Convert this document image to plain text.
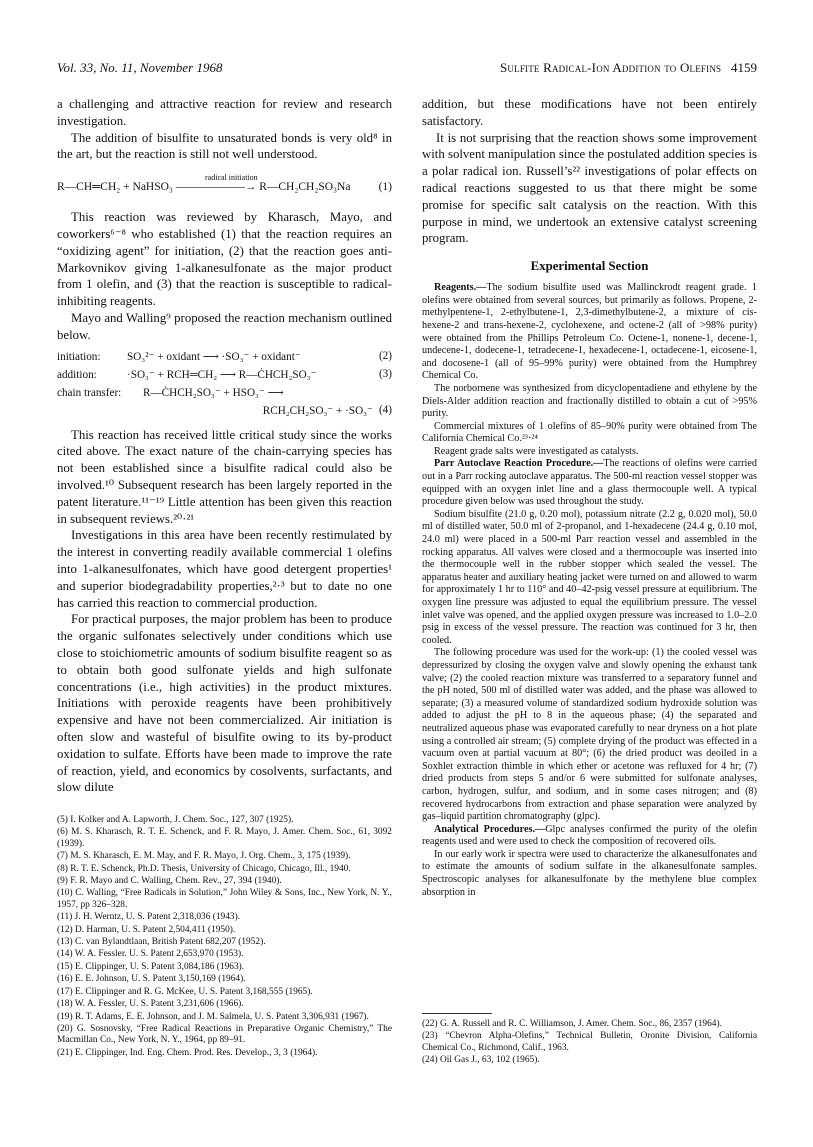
Vol. 33, No. 11, November 1968	Sulfite Radical-Ion Addition to Olefins 4159

a challenging and attractive reaction for review and research investigation.

The addition of bisulfite to unsaturated bonds is very old⁸ in the art, but the reaction is still not well understood.

radical initiation
R—CH═CH₂ + NaHSO₃ ——————→ R—CH₂CH₂SO₃Na (1)

This reaction was reviewed by Kharasch, Mayo, and coworkers⁶⁻⁸ who established (1) that the reaction requires an “oxidizing agent” for initiation, (2) that the reaction goes anti-Markovnikov giving 1-alkanesulfonate as the major product from 1 olefin, and (3) that the reaction is susceptible to radical-inhibiting reagents.

Mayo and Walling⁹ proposed the reaction mechanism outlined below.

initiation: SO₃²⁻ + oxidant ⟶ ·SO₃⁻ + oxidant⁻	(2)
addition:	·SO₃⁻ + RCH═CH₂ ⟶ R—ĊHCH₂SO₃⁻	(3)
chain transfer: R—ĊHCH₂SO₃⁻ + HSO₃⁻ ⟶
RCH₂CH₂SO₃⁻ + ·SO₃⁻ (4)

This reaction has received little critical study since the works cited above. The exact nature of the chain-carrying species has not been established since a bisulfite radical could also be involved.¹⁰ Subsequent research has been largely reported in the patent literature.¹¹⁻¹⁹ Little attention has been given this reaction in subsequent reviews.²⁰·²¹

Investigations in this area have been recently restimulated by the interest in converting readily available commercial 1 olefins into 1-alkanesulfonates, which have good detergent properties¹ and superior biodegradability properties,²·³ but to date no one has carried this reaction to commercial production.

For practical purposes, the major problem has been to produce the organic sulfonates selectively under conditions which use close to stoichiometric amounts of sodium bisulfite reagent so as to obtain both good sulfonate yields and high sulfonate concentrations (i.e., high activities) in the product mixtures. Initiations with peroxide reagents have been prohibitively expensive and have not been commercialized. Air initiation is often slow and wasteful of bisulfite owing to its by-product oxidation to sulfate. Efforts have been made to improve the rate of reaction, yield, and economics by cosolvents, surfactants, and slow dilute

(5) I. Kolker and A. Lapworth, J. Chem. Soc., 127, 307 (1925).

(6) M. S. Kharasch, R. T. E. Schenck, and F. R. Mayo, J. Amer. Chem. Soc., 61, 3092 (1939).

(7) M. S. Kharasch, E. M. May, and F. R. Mayo, J. Org. Chem., 3, 175 (1939).

(8) R. T. E. Schenck, Ph.D. Thesis, University of Chicago, Chicago, Ill., 1940.

(9) F. R. Mayo and C. Walling, Chem. Rev., 27, 394 (1940).

(10) C. Walling, “Free Radicals in Solution,” John Wiley & Sons, Inc., New York, N. Y., 1957, pp 326–328.

(11) J. H. Werntz, U. S. Patent 2,318,036 (1943).

(12) D. Harman, U. S. Patent 2,504,411 (1950).

(13) C. van Bylandtlaan, British Patent 682,207 (1952).

(14) W. A. Fessler. U. S. Patent 2,653,970 (1953).

(15) E. Clippinger, U. S. Patent 3,084,186 (1963).

(16) E. E. Johnson, U. S. Patent 3,150,169 (1964).

(17) E. Clippinger and R. G. McKee, U. S. Patent 3,168,555 (1965).

(18) W. A. Fessler, U. S. Patent 3,231,606 (1966).

(19) R. T. Adams, E. E. Johnson, and J. M. Salmela, U. S. Patent 3,306,931 (1967).

(20) G. Sosnovsky, “Free Radical Reactions in Preparative Organic Chemistry,” The Macmillan Co., New York, N. Y., 1964, pp 89–91.

(21) E. Clippinger, Ind. Eng. Chem. Prod. Res. Develop., 3, 3 (1964).

addition, but these modifications have not been entirely satisfactory.

It is not surprising that the reaction shows some improvement with solvent manipulation since the postulated addition species is a polar radical ion. Russell’s²² investigations of polar effects on radical reactions suggested to us that there might be some promise for specific salt catalysis on the reaction. With this purpose in mind, we undertook an extensive catalyst screening program.

Experimental Section

Reagents.—The sodium bisulfite used was Mallinckrodt reagent grade. 1 olefins were obtained from several sources, but primarily as follows. Propene, 2-methylpentene-1, 2-ethylbutene-1, 2,3-dimethylbutene-2, a mixture of cis-hexene-2 and trans-hexene-2, cyclohexene, and octene-2 (all of >98% purity) were obtained from the Phillips Petroleum Co. Octene-1, nonene-1, decene-1, undecene-1, dodecene-1, tetradecene-1, hexadecene-1, octadecene-1, eicosene-1, and docosene-1 (all of 95–99% purity) were obtained from the Humphrey Chemical Co.

The norbornene was synthesized from dicyclopentadiene and ethylene by the Diels-Alder addition reaction and fractionally distilled to obtain a cut of >95% purity.

Commercial mixtures of 1 olefins of 85–90% purity were obtained from The California Chemical Co.²³·²⁴

Reagent grade salts were investigated as catalysts.

Parr Autoclave Reaction Procedure.—The reactions of olefins were carried out in a Parr rocking autoclave apparatus. The 500-ml reaction vessel stopper was equipped with an oxygen inlet line and a glass thermocouple well. A typical procedure given below was used throughout the study.

Sodium bisulfite (21.0 g, 0.20 mol), potassium nitrate (2.2 g, 0.020 mol), 50.0 ml of distilled water, 50.0 ml of 2-propanol, and 1-hexadecene (24.4 g, 0.10 mol, 24.0 ml) were placed in a 500-ml Parr reaction vessel and assembled in the rocking apparatus. All valves were closed and a thermocouple was inserted into the thermocouple well in the rubber stopper which sealed the vessel. The apparatus heater and auxiliary heating jacket were turned on and allowed to warm for approximately 1 hr to 110° and 40–42-psig vessel pressure at equilibrium. The oxygen line pressure was adjusted to equal the equilibrium pressure. The vessel inlet valve was opened, and the applied oxygen pressure was increased to 1.0–2.0 psig in excess of the vessel pressure. The reaction was continued for 3 hr, then cooled.

The following procedure was used for the work-up: (1) the cooled vessel was depressurized by closing the oxygen valve and slowly opening the exhaust tank valve; (2) the cooled reaction mixture was transferred to a separatory funnel and the pH noted, 500 ml of distilled water was added, and the phase was allowed to separate; (3) a measured volume of standardized sodium hydroxide solution was added to adjust the pH to 8 in the aqueous phase; (4) the separated and neutralized aqueous phase was evaporated carefully to near dryness on a hot plate using a controlled air stream; (5) complete drying of the product was effected in a vacuum oven at partial vacuum at 80°; (6) the dried product was deoiled in a Soxhlet extraction thimble in which ether or acetone was refluxed for 4 hr; (7) dried products from steps 5 and/or 6 were submitted for sulfonate analyses, carbon, hydrogen, sulfur, and sodium, and in some cases nitrogen; and (8) recovered hydrocarbons from extraction and phase separation were analyzed by gas–liquid partition chromatography (glpc).

Analytical Procedures.—Glpc analyses confirmed the purity of the olefin reagents used and were used to check the composition of recovered oils.

In our early work ir spectra were used to characterize the alkanesulfonates and to estimate the amounts of sodium sulfate in the alkanesulfonate samples. Spectroscopic analyses for alkanesulfonate by the methylene blue complex absorption in

(22) G. A. Russell and R. C. Williamson, J. Amer. Chem. Soc., 86, 2357 (1964).

(23) “Chevron Alpha-Olefins,” Technical Bulletin, Oronite Division, California Chemical Co., Richmond, Calif., 1963.

(24) Oil Gas J., 63, 102 (1965).
